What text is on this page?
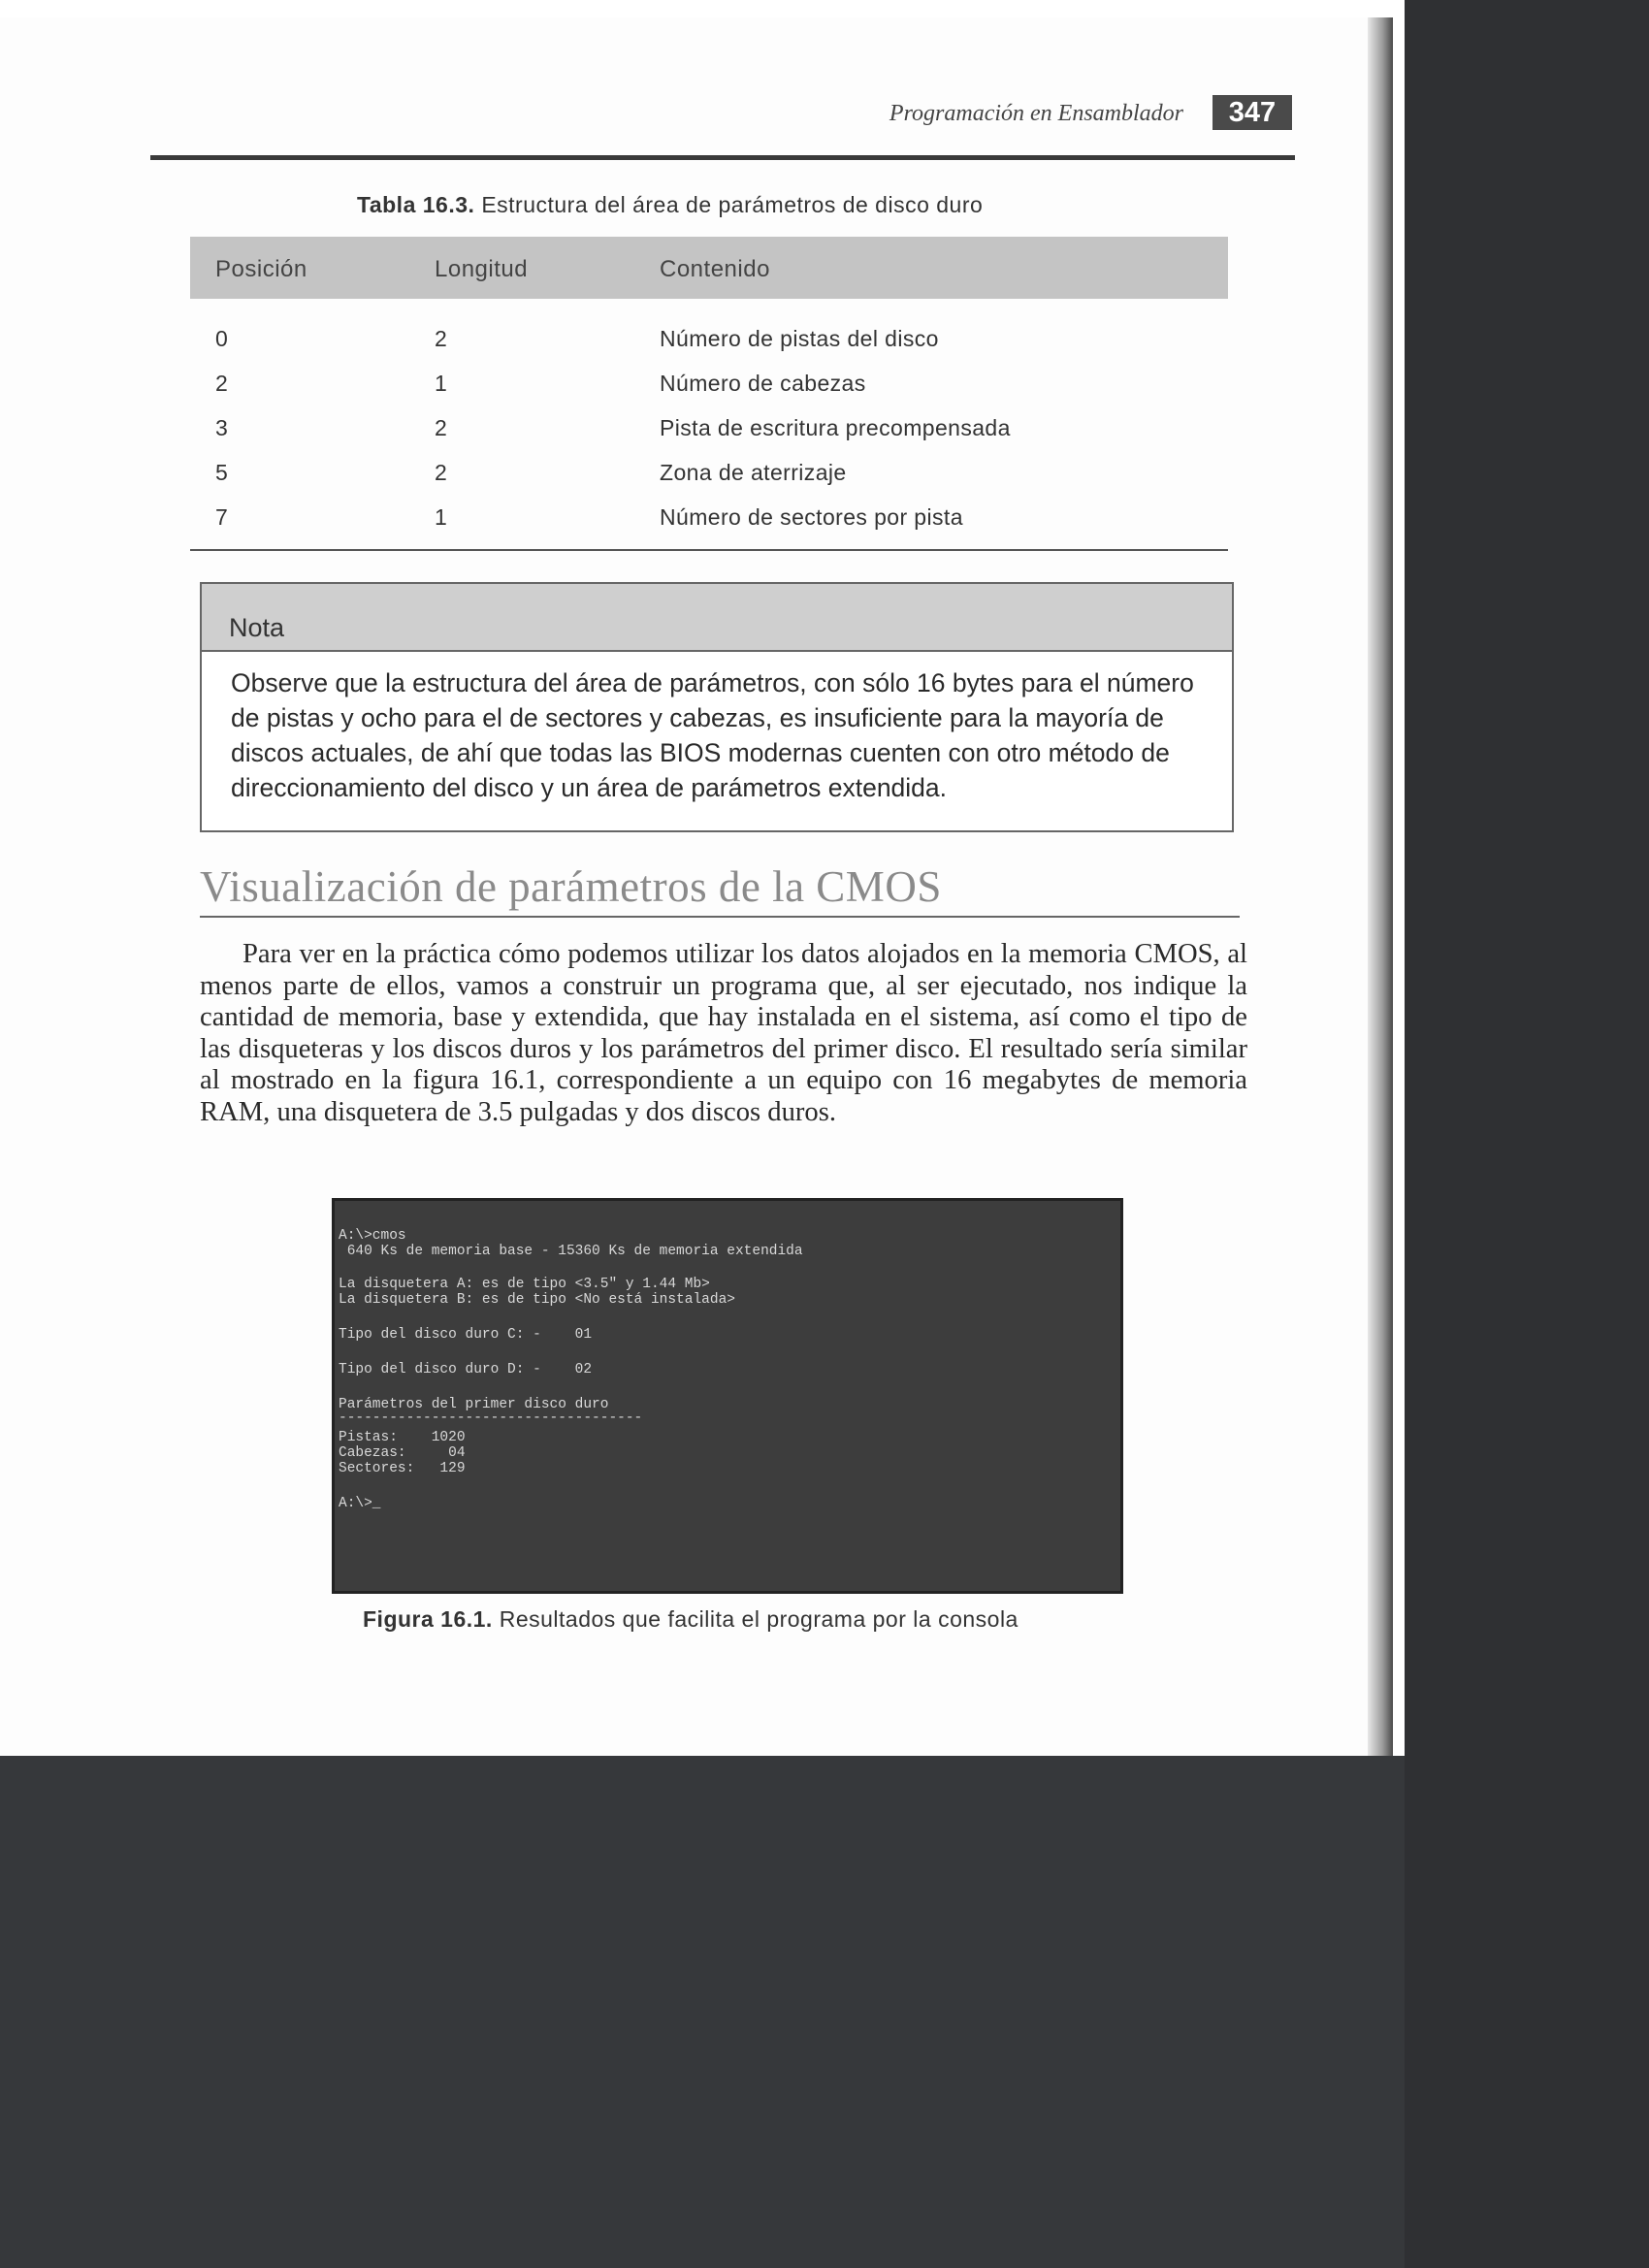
Programación en Ensamblador	347
Tabla 16.3. Estructura del área de parámetros de disco duro
Posición	Longitud	Contenido
0	2	Número de pistas del disco
2	1	Número de cabezas
3	2	Pista de escritura precompensada
5	2	Zona de aterrizaje
7	1	Número de sectores por pista
Nota
Observe que la estructura del área de parámetros, con sólo 16 bytes para el número de pistas y ocho para el de sectores y cabezas, es insuficiente para la mayoría de discos actuales, de ahí que todas las BIOS modernas cuenten con otro método de direccionamiento del disco y un área de parámetros extendida.
Visualización de parámetros de la CMOS

Para ver en la práctica cómo podemos utilizar los datos alojados en la memoria CMOS, al menos parte de ellos, vamos a construir un programa que, al ser ejecutado, nos indique la cantidad de memoria, base y extendida, que hay instalada en el sistema, así como el tipo de las disqueteras y los discos duros y los parámetros del primer disco. El resultado sería similar al mostrado en la figura 16.1, correspondiente a un equipo con 16 megabytes de memoria RAM, una disquetera de 3.5 pulgadas y dos discos duros.

A:\>cmos
640 Ks de memoria base - 15360 Ks de memoria extendida
La disquetera A: es de tipo <3.5" y 1.44 Mb>
La disquetera B: es de tipo <No está instalada>
Tipo del disco duro C: -    01
Tipo del disco duro D: -    02
Parámetros del primer disco duro
------------------------------------
Pistas:    1020
Cabezas:     04
Sectores:   129
A:\>_
Figura 16.1. Resultados que facilita el programa por la consola
